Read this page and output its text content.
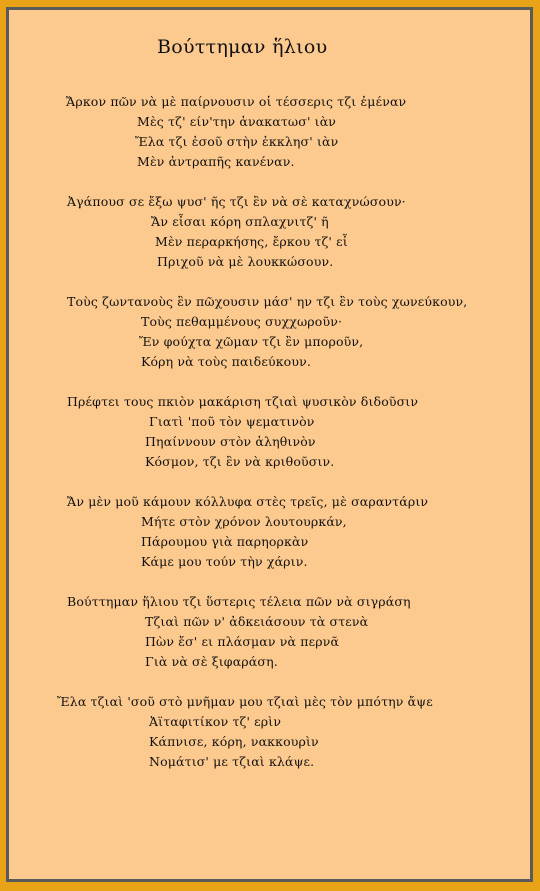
Βούττημαν ἥλιου
Ἄρκον πῶν νὰ μὲ παίρνουσιν οἱ τέσσερις τζι ἐμέναν
Μὲς τζ' είν'την ἀνακατωσ' ιὰν
Ἔλα τζι ἐσοῦ στὴν ἐκκλησ' ιὰν
Μὲν ἀντραπῆς κανέναν.
Ἀγάπουσ σε ἔξω ψυσ' ῆς τζι ἒν νὰ σὲ καταχνώσουν·
Ἄν εἶσαι κόρη σπλαχνιτζ' ῆ
Μὲν περαρκήσης, ἔρκου τζ' εἶ
Πριχοῦ νὰ μὲ λουκκώσουν.
Τοὺς ζωντανοὺς ἒν πῶχουσιν μάσ' ην τζι ἒν τοὺς χωνεύκουν,
Τοὺς πεθαμμένους συχχωροῦν·
Ἔν φούχτα χῶμαν τζι ἒν μποροῦν,
Κόρη νὰ τοὺς παιδεύκουν.
Πρέφτει τους πκιὸν μακάριση τζιαὶ ψυσικὸν διδοῦσιν
Γιατὶ 'ποῦ τὸν ψεματινὸν
Πηαίννουν στὸν ἀληθινὸν
Κόσμον, τζι ἒν νὰ κριθοῦσιν.
Ἄν μὲν μοῦ κάμουν κόλλυφα στὲς τρεῖς, μὲ σαραντάριν
Μήτε στὸν χρόνον λουτουρκάν,
Πάρουμου γιὰ παρηορκὰν
Κάμε μου τούν τὴν χάριν.
Βούττημαν ἥλιου τζι ὕστερις τέλεια πῶν νὰ σιγράση
Τζιαὶ πῶν ν' ἀδκειάσουν τὰ στενὰ
Πὼν ἔσ' ει πλάσμαν νὰ περνᾶ
Γιὰ νὰ σὲ ξιφαράση.
Ἔλα τζιαὶ 'σοῦ στὸ μνῆμαν μου τζιαὶ μὲς τὸν μπότην ἄψε
Ἀϊταφιτίκον τζ' ερὶν
Κάπνισε, κόρη, νακκουρὶν
Νομάτισ' με τζιαὶ κλάψε.
